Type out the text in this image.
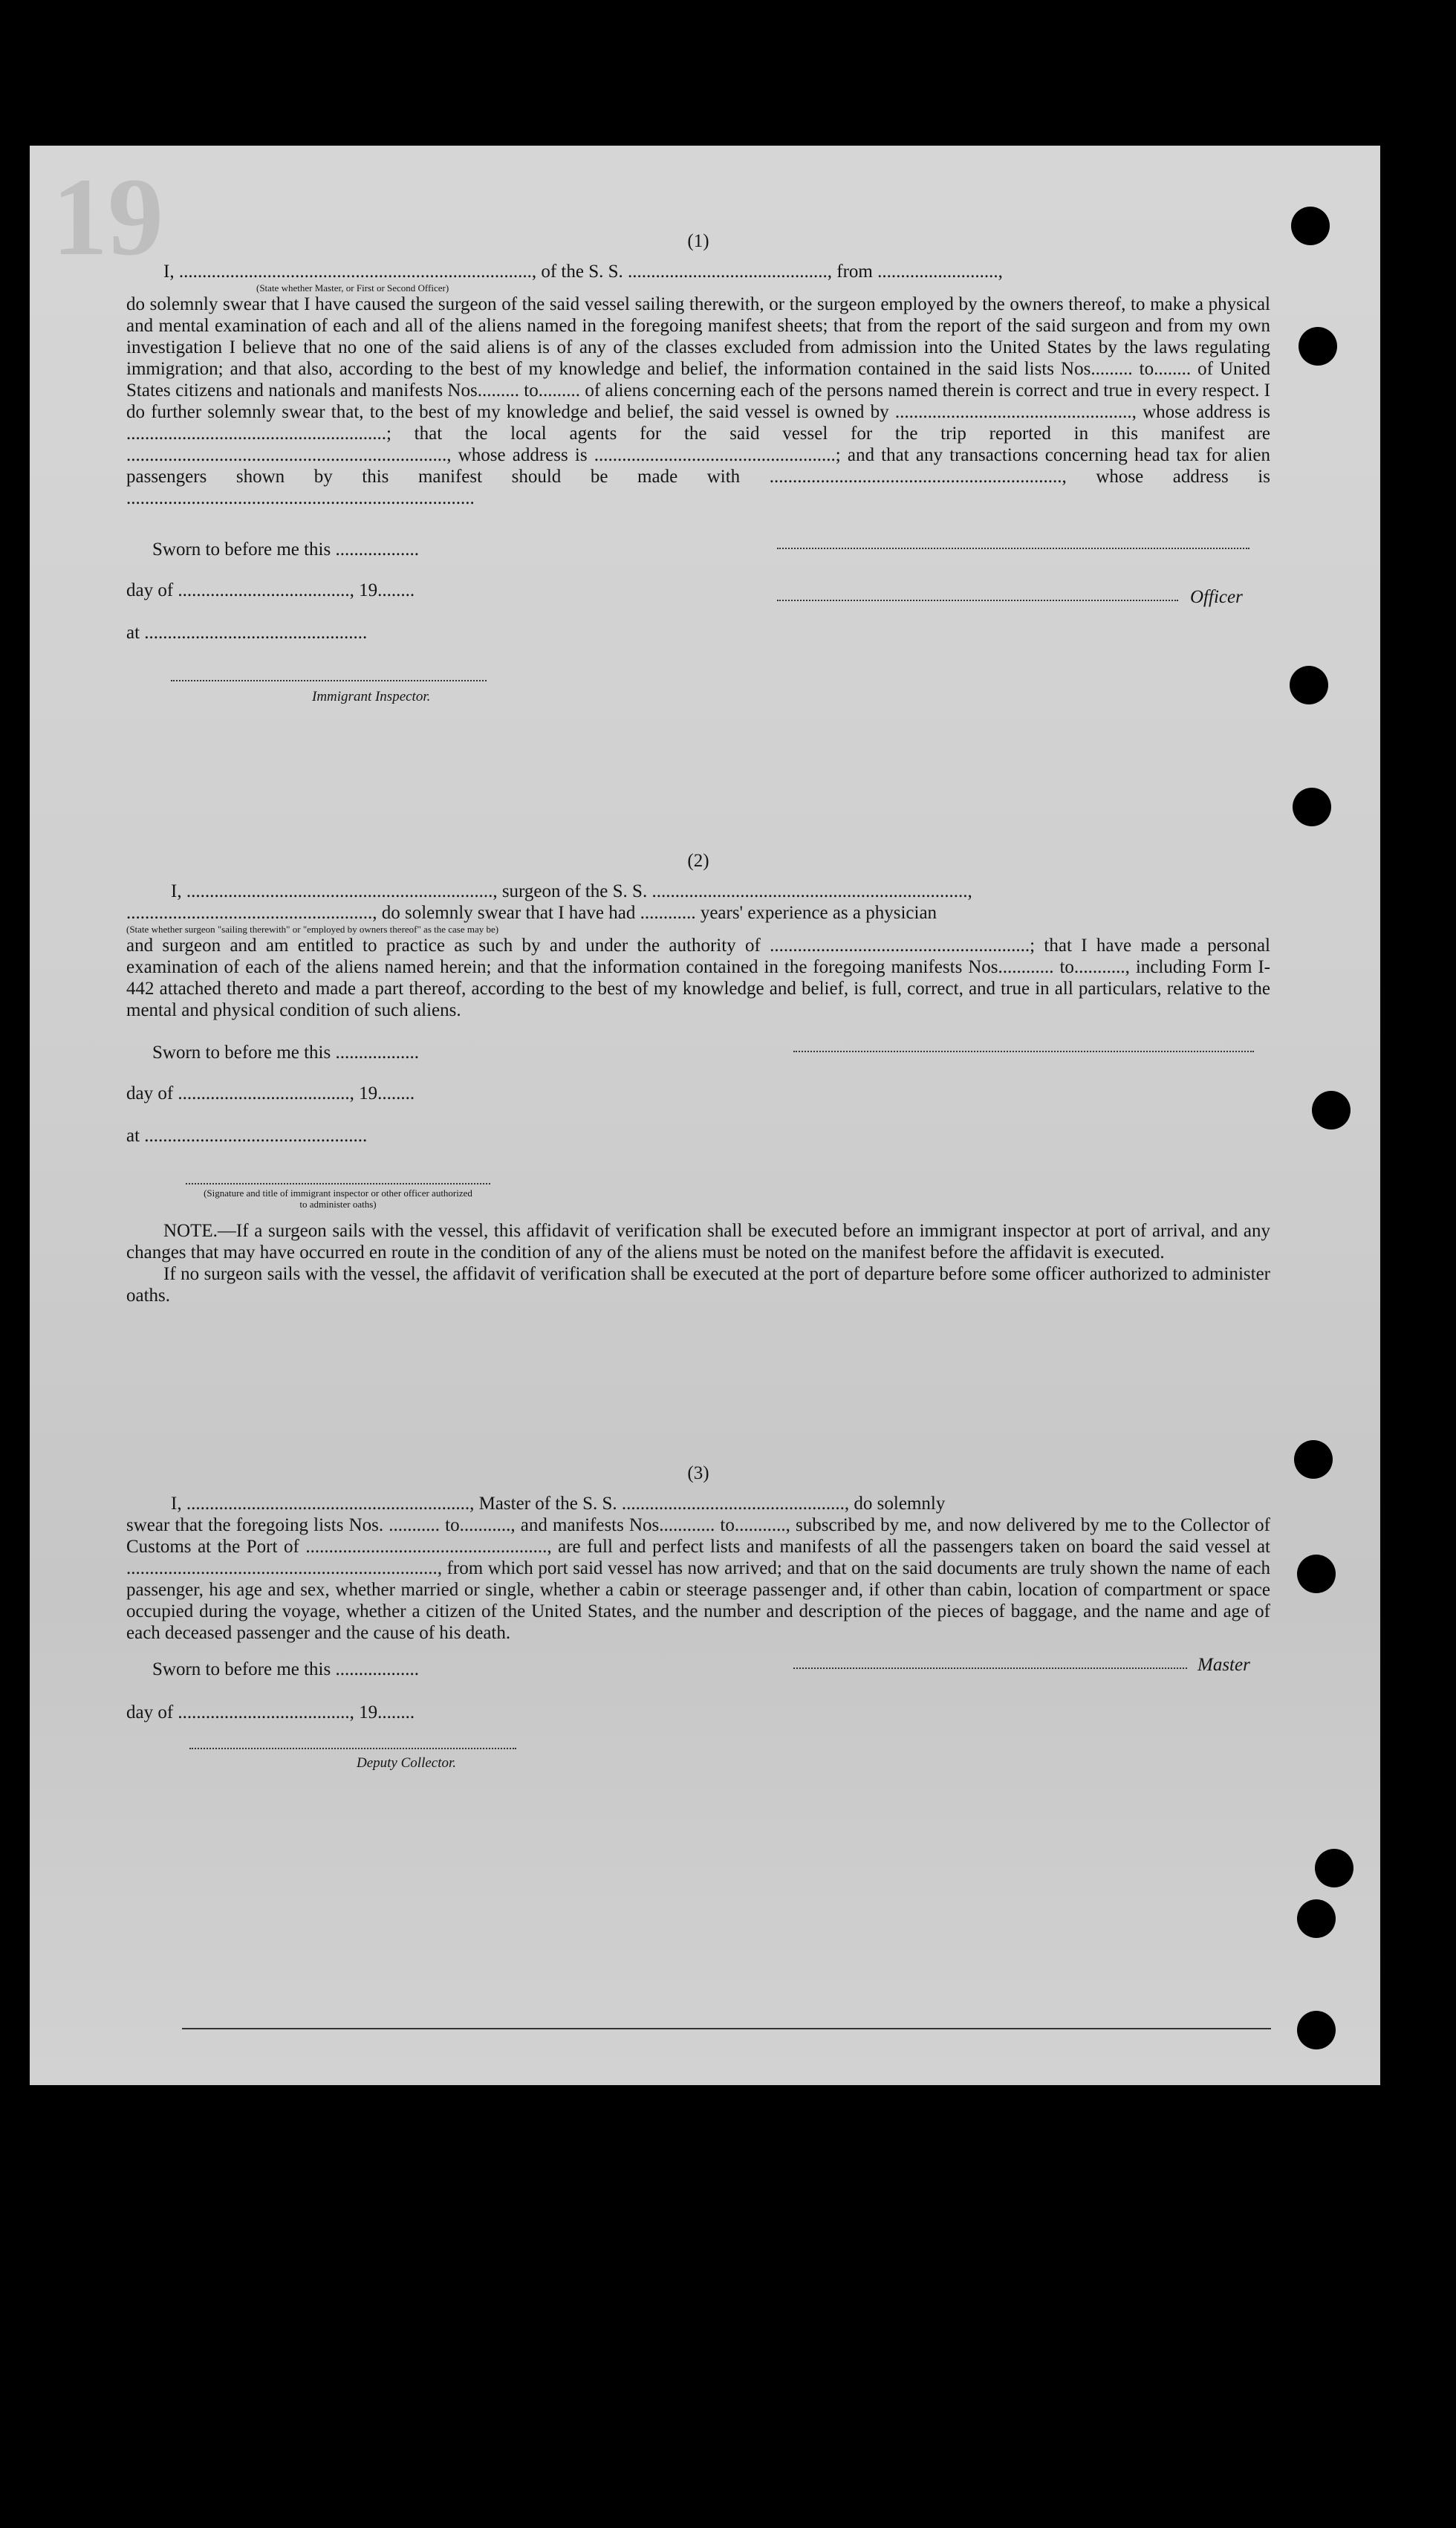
19	(1)
I, ............................................................................, of the S. S. ..........................................., from ..........................,
(State whether Master, or First or Second Officer)
do solemnly swear that I have caused the surgeon of the said vessel sailing therewith, or the surgeon employed by the owners thereof, to make a physical and mental examination of each and all of the aliens named in the foregoing manifest sheets; that from the report of the said surgeon and from my own investigation I believe that no one of the said aliens is of any of the classes excluded from admission into the United States by the laws regulating immigration; and that also, according to the best of my knowledge and belief, the information contained in the said lists Nos......... to........ of United States citizens and nationals and manifests Nos......... to......... of aliens concerning each of the persons named therein is correct and true in every respect. I do further solemnly swear that, to the best of my knowledge and belief, the said vessel is owned by ..................................................., whose address is ........................................................; that the local agents for the said vessel for the trip reported in this manifest are ....................................................................., whose address is ....................................................; and that any transactions concerning head tax for alien passengers shown by this manifest should be made with ..............................................................., whose address is ...........................................................................
Sworn to before me this ..................
day of ....................................., 19........
at ................................................
Officer
Immigrant Inspector.
(2)
I, .................................................................., surgeon of the S. S. ....................................................................,
....................................................., do solemnly swear that I have had ............ years' experience as a physician
(State whether surgeon "sailing therewith" or "employed by owners thereof" as the case may be)
and surgeon and am entitled to practice as such by and under the authority of ........................................................; that I have made a personal examination of each of the aliens named herein; and that the information contained in the foregoing manifests Nos............ to..........., including Form I-442 attached thereto and made a part thereof, according to the best of my knowledge and belief, is full, correct, and true in all particulars, relative to the mental and physical condition of such aliens.
Sworn to before me this ..................
day of ....................................., 19........
at ................................................
(Signature and title of immigrant inspector or other officer authorized to administer oaths)
NOTE.—If a surgeon sails with the vessel, this affidavit of verification shall be executed before an immigrant inspector at port of arrival, and any changes that may have occurred en route in the condition of any of the aliens must be noted on the manifest before the affidavit is executed.
If no surgeon sails with the vessel, the affidavit of verification shall be executed at the port of departure before some officer authorized to administer oaths.
(3)
I, ............................................................., Master of the S. S. ................................................, do solemnly
swear that the foregoing lists Nos. ........... to..........., and manifests Nos............ to..........., subscribed by me, and now delivered by me to the Collector of Customs at the Port of ...................................................., are full and perfect lists and manifests of all the passengers taken on board the said vessel at ..................................................................., from which port said vessel has now arrived; and that on the said documents are truly shown the name of each passenger, his age and sex, whether married or single, whether a cabin or steerage passenger and, if other than cabin, location of compartment or space occupied during the voyage, whether a citizen of the United States, and the number and description of the pieces of baggage, and the name and age of each deceased passenger and the cause of his death.
Sworn to before me this ..................
day of ....................................., 19........
Master
Deputy Collector.
